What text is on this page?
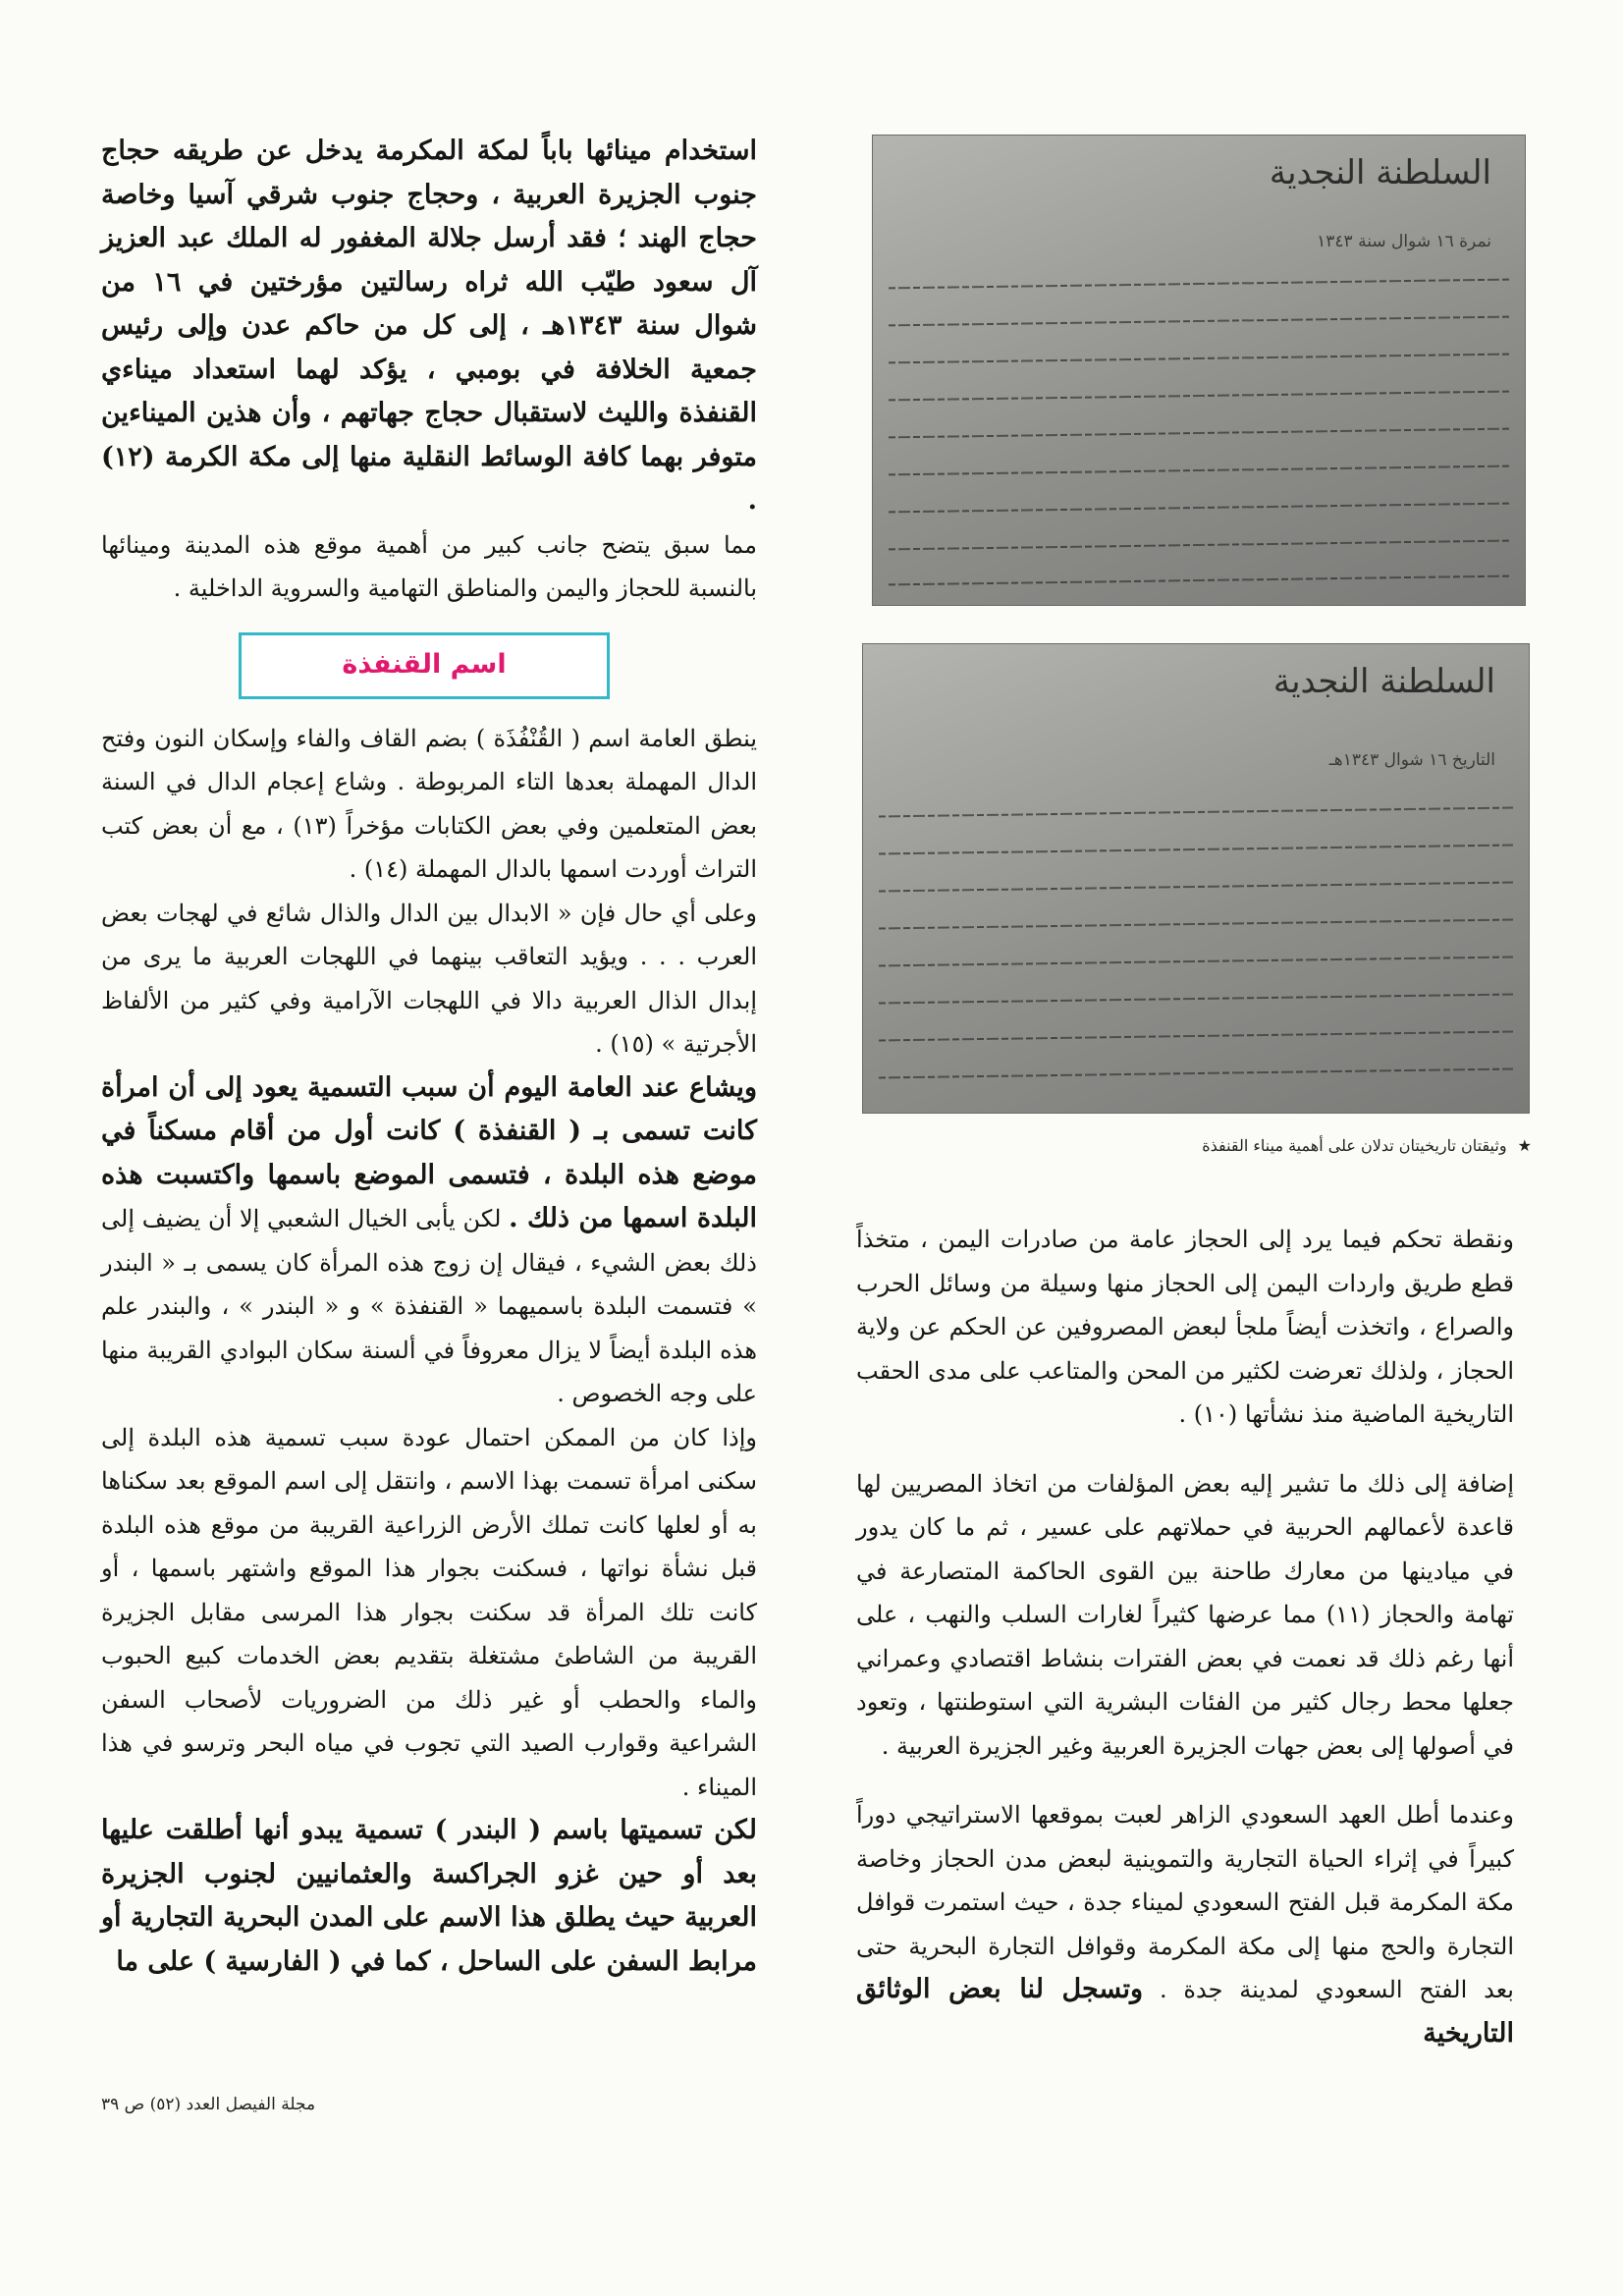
استخدام مينائها باباً لمكة المكرمة يدخل عن طريقه حجاج جنوب الجزيرة العربية ، وحجاج جنوب شرقي آسيا وخاصة حجاج الهند ؛ فقد أرسل جلالة المغفور له الملك عبد العزيز آل سعود طيّب الله ثراه رسالتين مؤرختين في ١٦ من شوال سنة ١٣٤٣هـ ، إلى كل من حاكم عدن وإلى رئيس جمعية الخلافة في بومبي ، يؤكد لهما استعداد ميناءي القنفذة والليث لاستقبال حجاج جهاتهم ، وأن هذين الميناءين متوفر بهما كافة الوسائط النقلية منها إلى مكة الكرمة (١٢) .

مما سبق يتضح جانب كبير من أهمية موقع هذه المدينة ومينائها بالنسبة للحجاز واليمن والمناطق التهامية والسروية الداخلية .

اسم القنفذة

ينطق العامة اسم ( القُنْفُذَة ) بضم القاف والفاء وإسكان النون وفتح الدال المهملة بعدها التاء المربوطة . وشاع إعجام الدال في السنة بعض المتعلمين وفي بعض الكتابات مؤخراً (١٣) ، مع أن بعض كتب التراث أوردت اسمها بالدال المهملة (١٤) .

وعلى أي حال فإن « الابدال بين الدال والذال شائع في لهجات بعض العرب . . . ويؤيد التعاقب بينهما في اللهجات العربية ما يرى من إبدال الذال العربية دالا في اللهجات الآرامية وفي كثير من الألفاظ الأجرتية » (١٥) .

ويشاع عند العامة اليوم أن سبب التسمية يعود إلى أن امرأة كانت تسمى بـ ( القنفذة ) كانت أول من أقام مسكناً في موضع هذه البلدة ، فتسمى الموضع باسمها واكتسبت هذه البلدة اسمها من ذلك . لكن يأبى الخيال الشعبي إلا أن يضيف إلى ذلك بعض الشيء ، فيقال إن زوج هذه المرأة كان يسمى بـ « البندر » فتسمت البلدة باسميهما « القنفذة » و « البندر » ، والبندر علم هذه البلدة أيضاً لا يزال معروفاً في ألسنة سكان البوادي القريبة منها على وجه الخصوص .

وإذا كان من الممكن احتمال عودة سبب تسمية هذه البلدة إلى سكنى امرأة تسمت بهذا الاسم ، وانتقل إلى اسم الموقع بعد سكناها به أو لعلها كانت تملك الأرض الزراعية القريبة من موقع هذه البلدة قبل نشأة نواتها ، فسكنت بجوار هذا الموقع واشتهر باسمها ، أو كانت تلك المرأة قد سكنت بجوار هذا المرسى مقابل الجزيرة القريبة من الشاطئ مشتغلة بتقديم بعض الخدمات كبيع الحبوب والماء والحطب أو غير ذلك من الضروريات لأصحاب السفن الشراعية وقوارب الصيد التي تجوب في مياه البحر وترسو في هذا الميناء .

لكن تسميتها باسم ( البندر ) تسمية يبدو أنها أطلقت عليها بعد أو حين غزو الجراكسة والعثمانيين لجنوب الجزيرة العربية حيث يطلق هذا الاسم على المدن البحرية التجارية أو مرابط السفن على الساحل ، كما في ( الفارسية ) على ما

السلطنة النجدية
نمرة ١٦ شوال سنة ١٣٤٣
السلطنة النجدية
التاريخ ١٦ شوال ١٣٤٣هـ
★ وثيقتان تاريخيتان تدلان على أهمية ميناء القنفذة

ونقطة تحكم فيما يرد إلى الحجاز عامة من صادرات اليمن ، متخذاً قطع طريق واردات اليمن إلى الحجاز منها وسيلة من وسائل الحرب والصراع ، واتخذت أيضاً ملجأ لبعض المصروفين عن الحكم عن ولاية الحجاز ، ولذلك تعرضت لكثير من المحن والمتاعب على مدى الحقب التاريخية الماضية منذ نشأتها (١٠) .

إضافة إلى ذلك ما تشير إليه بعض المؤلفات من اتخاذ المصريين لها قاعدة لأعمالهم الحربية في حملاتهم على عسير ، ثم ما كان يدور في ميادينها من معارك طاحنة بين القوى الحاكمة المتصارعة في تهامة والحجاز (١١) مما عرضها كثيراً لغارات السلب والنهب ، على أنها رغم ذلك قد نعمت في بعض الفترات بنشاط اقتصادي وعمراني جعلها محط رجال كثير من الفئات البشرية التي استوطنتها ، وتعود في أصولها إلى بعض جهات الجزيرة العربية وغير الجزيرة العربية .

وعندما أطل العهد السعودي الزاهر لعبت بموقعها الاستراتيجي دوراً كبيراً في إثراء الحياة التجارية والتموينية لبعض مدن الحجاز وخاصة مكة المكرمة قبل الفتح السعودي لميناء جدة ، حيث استمرت قوافل التجارة والحج منها إلى مكة المكرمة وقوافل التجارة البحرية حتى بعد الفتح السعودي لمدينة جدة . وتسجل لنا بعض الوثائق التاريخية

مجلة الفيصل العدد (٥٢) ص ٣٩
